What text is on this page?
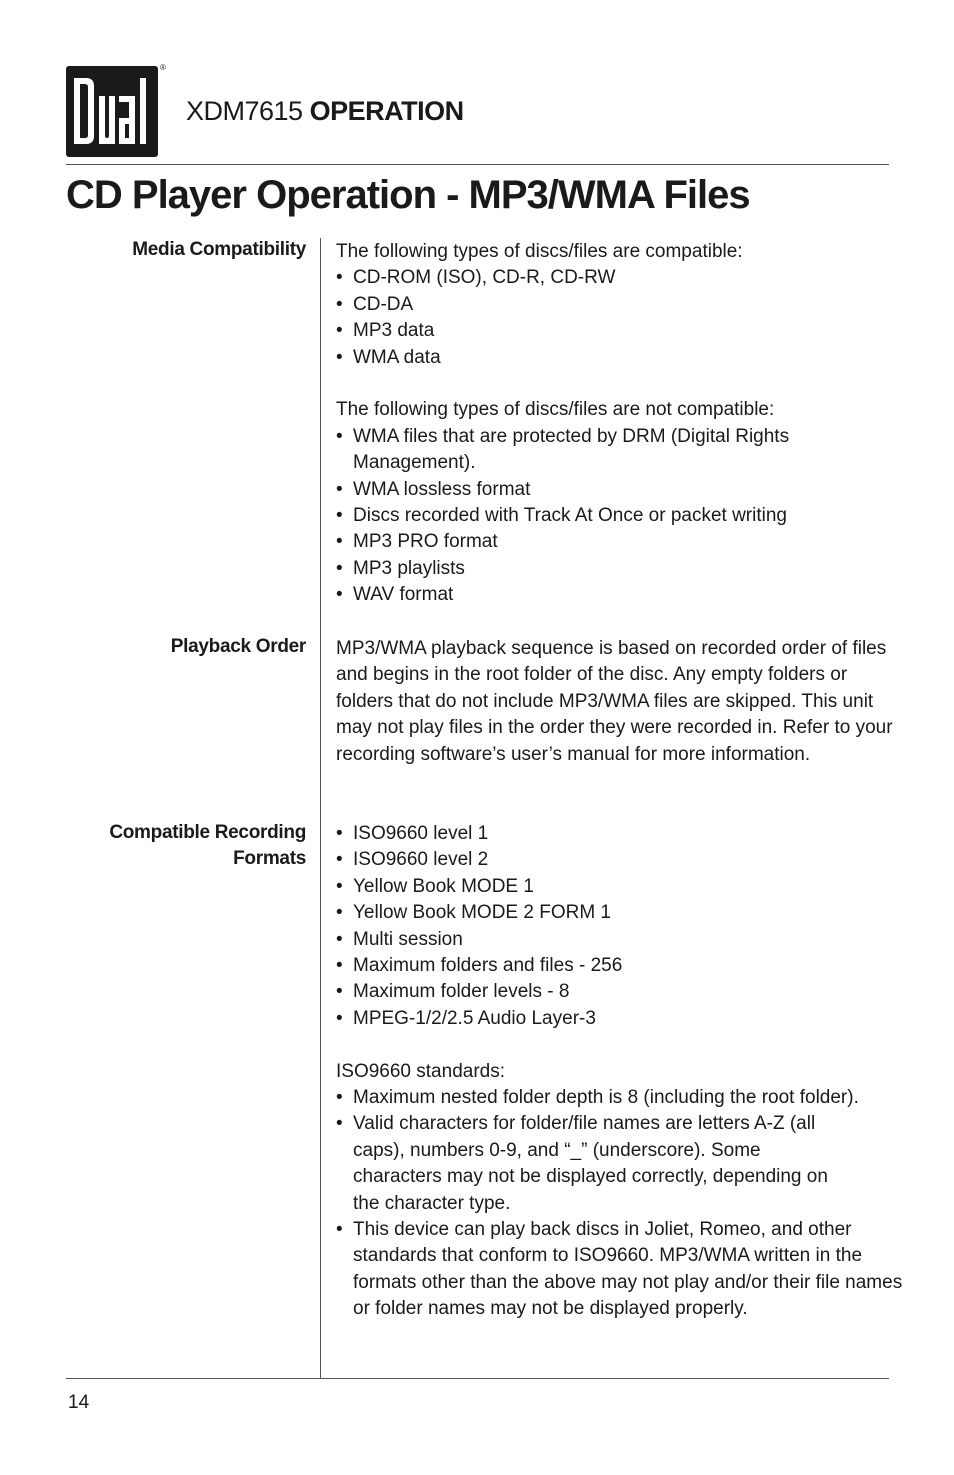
®
XDM7615 OPERATION
CD Player Operation - MP3/WMA Files
Media Compatibility The following types of discs/files are compatible:

• CD-ROM (ISO), CD-R, CD-RW
• CD-DA
• MP3 data
• WMA data

The following types of discs/files are not compatible:

• WMA files that are protected by DRM (Digital Rights Management).
• WMA lossless format
• Discs recorded with Track At Once or packet writing
• MP3 PRO format
• MP3 playlists
• WAV format
Playback Order MP3/WMA playback sequence is based on recorded order of files and begins in the root folder of the disc. Any empty folders or folders that do not include MP3/WMA files are skipped. This unit may not play files in the order they were recorded in. Refer to your recording software’s user’s manual for more information.

Compatible Recording
Formats
• ISO9660 level 1
• ISO9660 level 2
• Yellow Book MODE 1
• Yellow Book MODE 2 FORM 1
• Multi session
• Maximum folders and files - 256
• Maximum folder levels - 8
• MPEG-1/2/2.5 Audio Layer-3

ISO9660 standards:

• Maximum nested folder depth is 8 (including the root folder).
• Valid characters for folder/file names are letters A-Z (all caps), numbers 0-9, and “_” (underscore). Some characters may not be displayed correctly, depending on the character type.
• This device can play back discs in Joliet, Romeo, and other standards that conform to ISO9660. MP3/WMA written in the formats other than the above may not play and/or their file names or folder names may not be displayed properly.
14
